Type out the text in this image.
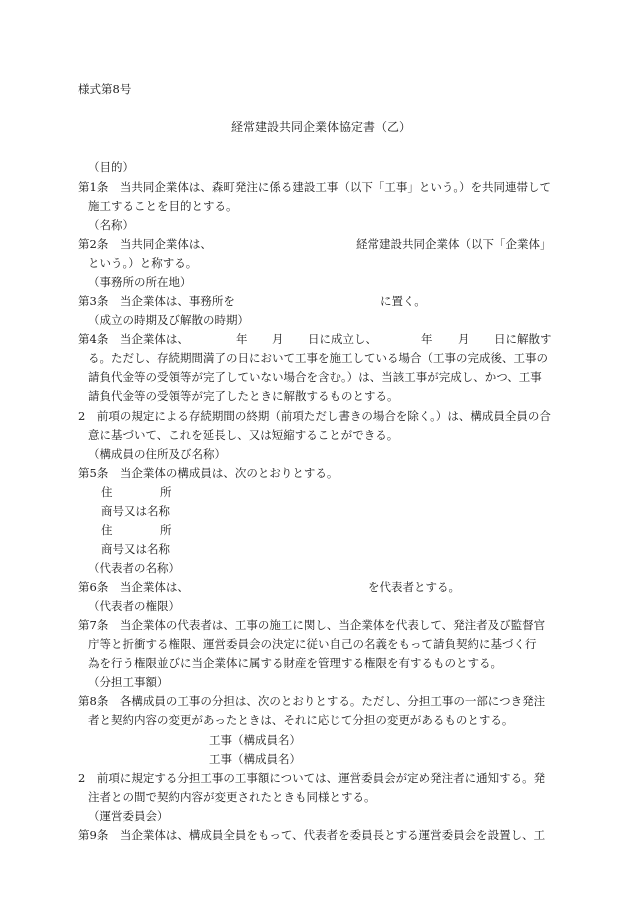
様式第8号
経常建設共同企業体協定書（乙）
（目的）
第1条　当共同企業体は、森町発注に係る建設工事（以下「工事」という。）を共同連帯して
施工することを目的とする。
（名称）
第2条　当共同企業体は、	経常建設共同企業体（以下「企業体」
という。）と称する。
（事務所の所在地）
第3条　当企業体は、事務所を	に置く。
（成立の時期及び解散の時期）
第4条　当企業体は、	年 月 日に成立し、	年 月 日に解散す
る。ただし、存続期間満了の日において工事を施工している場合（工事の完成後、工事の
請負代金等の受領等が完了していない場合を含む。）は、当該工事が完成し、かつ、工事
請負代金等の受領等が完了したときに解散するものとする。
2　前項の規定による存続期間の終期（前項ただし書きの場合を除く。）は、構成員全員の合
意に基づいて、これを延長し、又は短縮することができる。
（構成員の住所及び名称）
第5条　当企業体の構成員は、次のとおりとする。
住	所
商号又は名称
住	所
商号又は名称
（代表者の名称）
第6条　当企業体は、	を代表者とする。
（代表者の権限）
第7条　当企業体の代表者は、工事の施工に関し、当企業体を代表して、発注者及び監督官
庁等と折衝する権限、運営委員会の決定に従い自己の名義をもって請負契約に基づく行
為を行う権限並びに当企業体に属する財産を管理する権限を有するものとする。
（分担工事額）
第8条　各構成員の工事の分担は、次のとおりとする。ただし、分担工事の一部につき発注
者と契約内容の変更があったときは、それに応じて分担の変更があるものとする。
工事（構成員名）
工事（構成員名）
2　前項に規定する分担工事の工事額については、運営委員会が定め発注者に通知する。発
注者との間で契約内容が変更されたときも同様とする。
（運営委員会）
第9条　当企業体は、構成員全員をもって、代表者を委員長とする運営委員会を設置し、工
